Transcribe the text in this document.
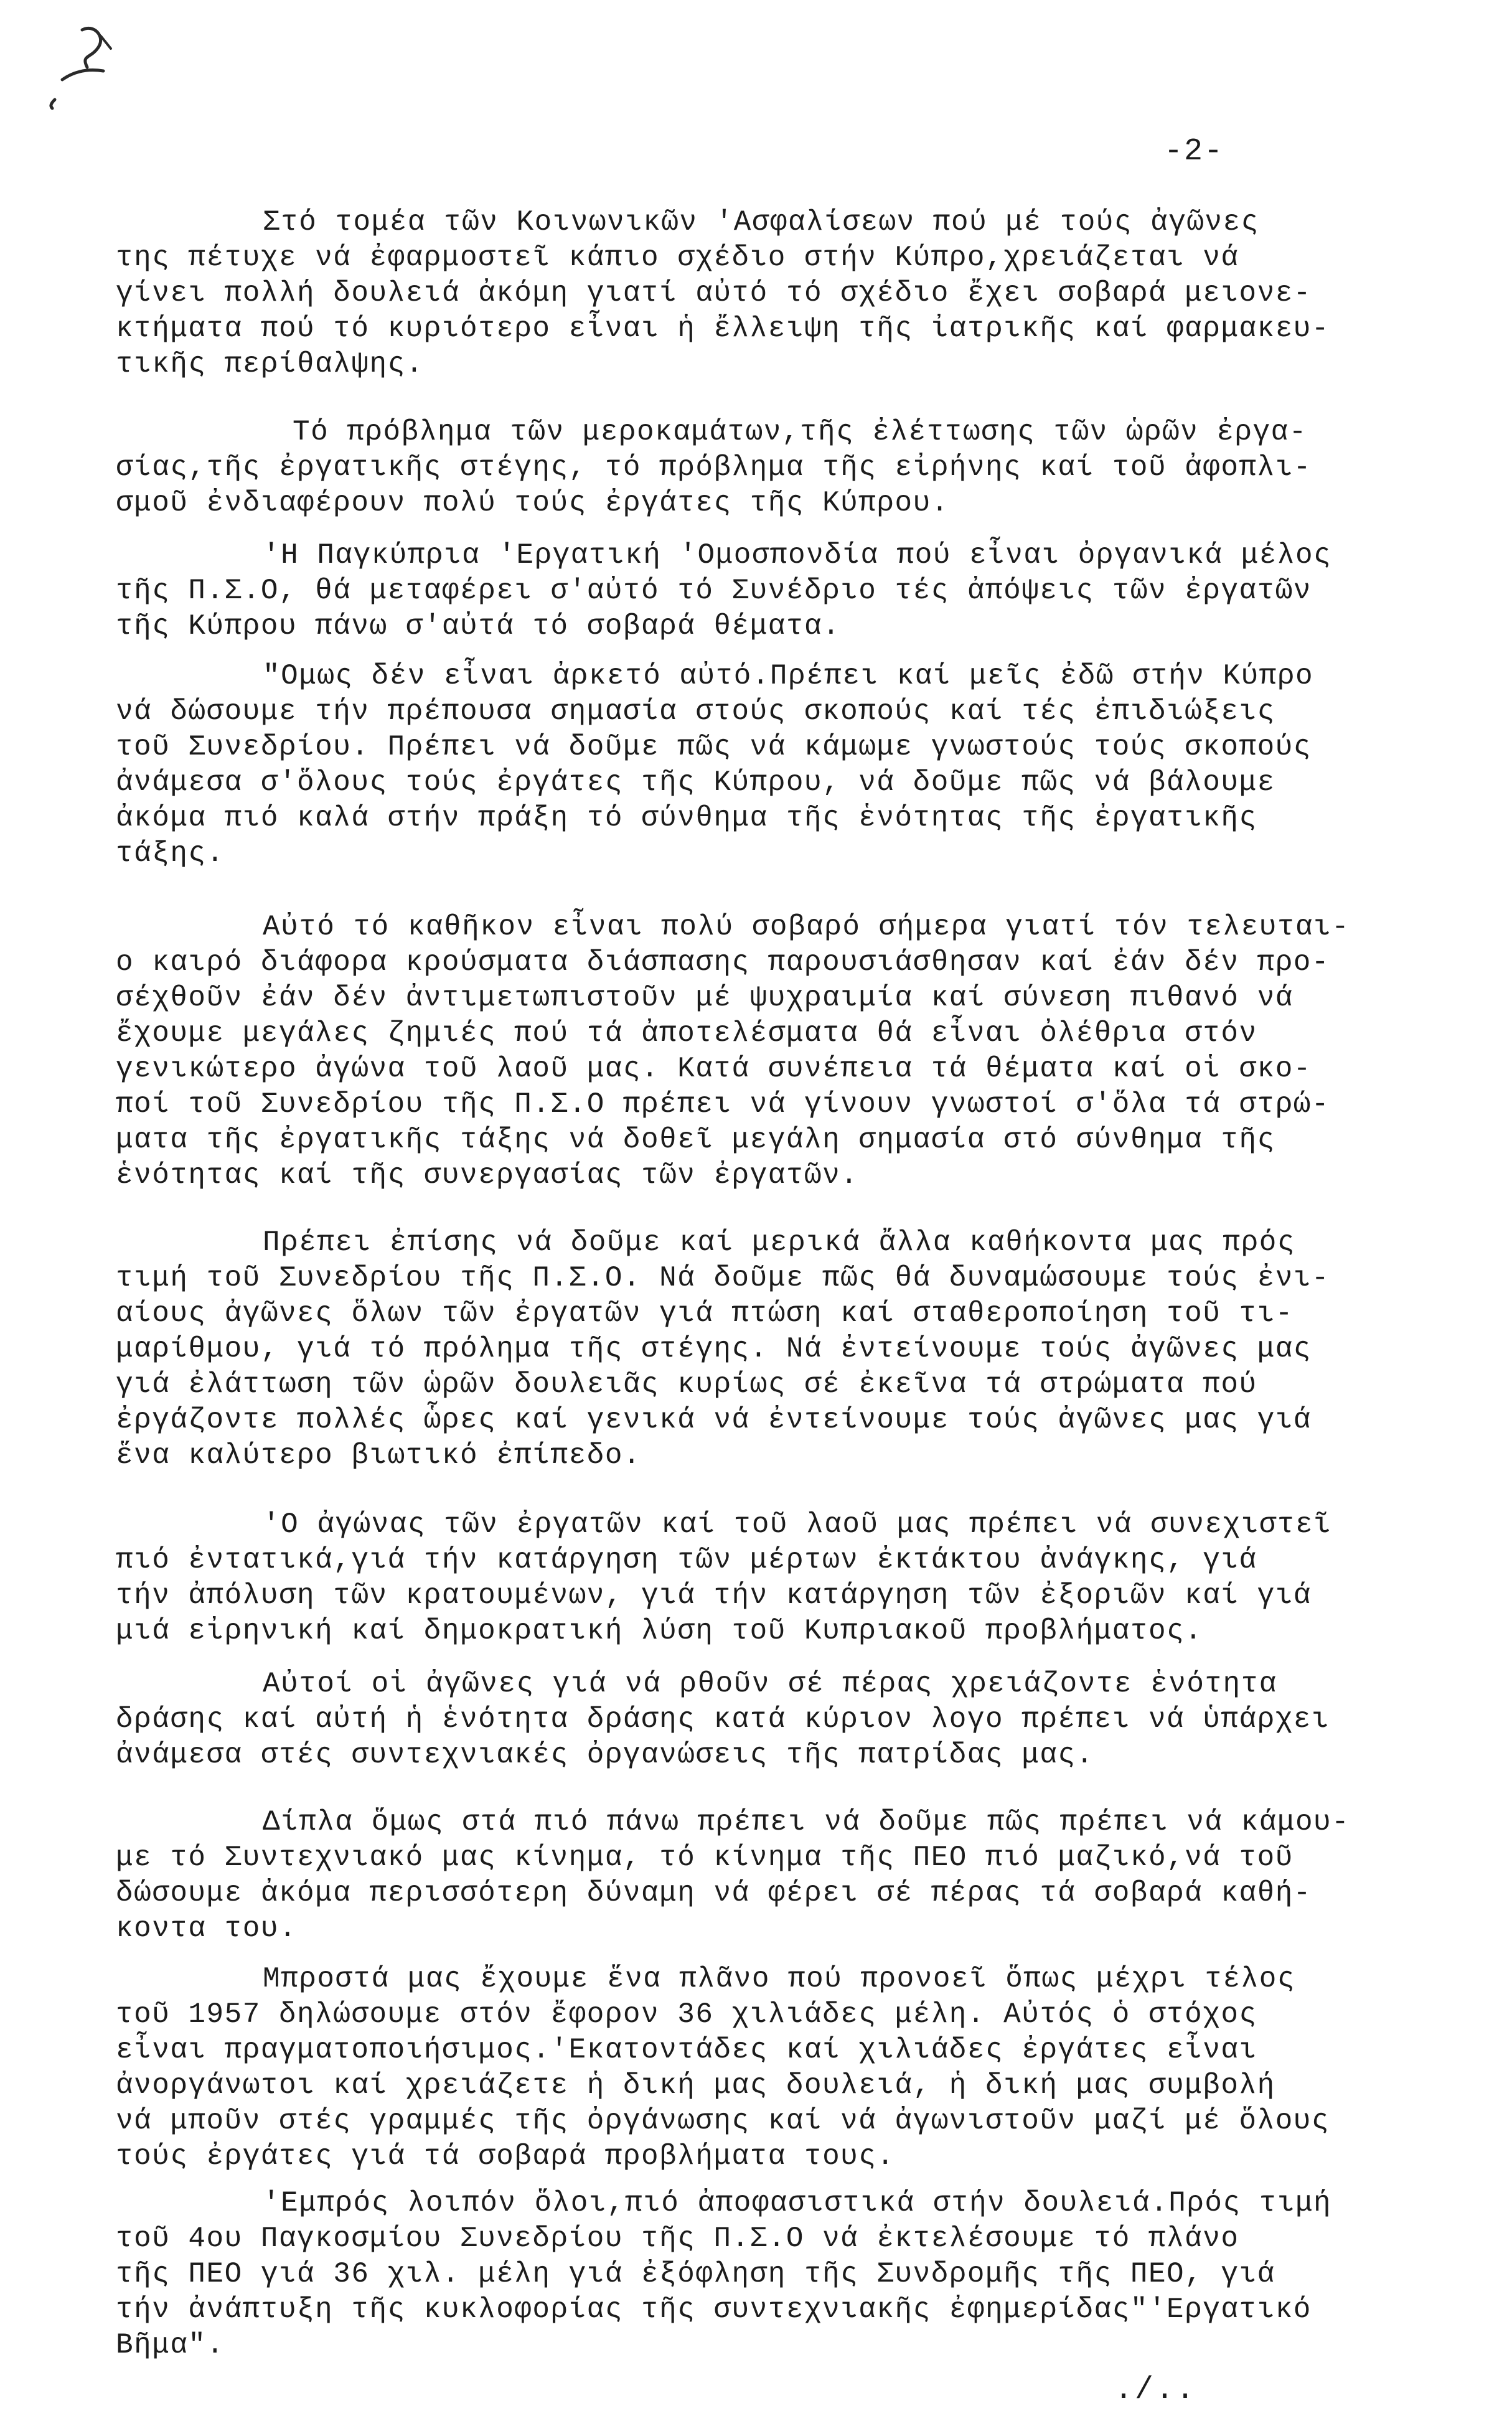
-2-
Στό τομέα τῶν Κοινωνικῶν 'Ασφαλίσεων πού μέ τούς ἀγῶνες
της πέτυχε νά ἐφαρμοστεῖ κάπιο σχέδιο στήν Κύπρο,χρειάζεται νά
γίνει πολλή δουλειά ἀκόμη γιατί αὐτό τό σχέδιο ἔχει σοβαρά μειονε-
κτήματα πού τό κυριότερο εἶναι ἡ ἔλλειψη τῆς ἰατρικῆς καί φαρμακευ-
τικῆς περίθαλψης.
Τό πρόβλημα τῶν μεροκαμάτων,τῆς ἐλέττωσης τῶν ὡρῶν ἐργα-
σίας,τῆς ἐργατικῆς στέγης, τό πρόβλημα τῆς εἰρήνης καί τοῦ ἀφοπλι-
σμοῦ ἐνδιαφέρουν πολύ τούς ἐργάτες τῆς Κύπρου.
'Η Παγκύπρια 'Εργατική 'Ομοσπονδία πού εἶναι ὀργανικά μέλος
τῆς Π.Σ.Ο, θά μεταφέρει σ'αὐτό τό Συνέδριο τές ἀπόψεις τῶν ἐργατῶν
τῆς Κύπρου πάνω σ'αὐτά τό σοβαρά θέματα.
"Ομως δέν εἶναι ἀρκετό αὐτό.Πρέπει καί μεῖς ἐδῶ στήν Κύπρο
νά δώσουμε τήν πρέπουσα σημασία στούς σκοπούς καί τές ἐπιδιώξεις
τοῦ Συνεδρίου. Πρέπει νά δοῦμε πῶς νά κάμωμε γνωστούς τούς σκοπούς
ἀνάμεσα σ'ὅλους τούς ἐργάτες τῆς Κύπρου, νά δοῦμε πῶς νά βάλουμε
ἀκόμα πιό καλά στήν πράξη τό σύνθημα τῆς ἑνότητας τῆς ἐργατικῆς
τάξης.
Αὐτό τό καθῆκον εἶναι πολύ σοβαρό σήμερα γιατί τόν τελευται-
ο καιρό διάφορα κρούσματα διάσπασης παρουσιάσθησαν καί ἐάν δέν προ-
σέχθοῦν ἐάν δέν ἀντιμετωπιστοῦν μέ ψυχραιμία καί σύνεση πιθανό νά
ἔχουμε μεγάλες ζημιές πού τά ἀποτελέσματα θά εἶναι ὀλέθρια στόν
γενικώτερο ἀγώνα τοῦ λαοῦ μας. Κατά συνέπεια τά θέματα καί οἱ σκο-
ποί τοῦ Συνεδρίου τῆς Π.Σ.Ο πρέπει νά γίνουν γνωστοί σ'ὅλα τά στρώ-
ματα τῆς ἐργατικῆς τάξης νά δοθεῖ μεγάλη σημασία στό σύνθημα τῆς
ἑνότητας καί τῆς συνεργασίας τῶν ἐργατῶν.
Πρέπει ἐπίσης νά δοῦμε καί μερικά ἄλλα καθήκοντα μας πρός
τιμή τοῦ Συνεδρίου τῆς Π.Σ.Ο. Νά δοῦμε πῶς θά δυναμώσουμε τούς ἐνι-
αίους ἀγῶνες ὅλων τῶν ἐργατῶν γιά πτώση καί σταθεροποίηση τοῦ τι-
μαρίθμου, γιά τό πρόλημα τῆς στέγης. Νά ἐντείνουμε τούς ἀγῶνες μας
γιά ἐλάττωση τῶν ὡρῶν δουλειᾶς κυρίως σέ ἐκεῖνα τά στρώματα πού
ἐργάζοντε πολλές ὧρες καί γενικά νά ἐντείνουμε τούς ἀγῶνες μας γιά
ἕνα καλύτερο βιωτικό ἐπίπεδο.
'Ο ἀγώνας τῶν ἐργατῶν καί τοῦ λαοῦ μας πρέπει νά συνεχιστεῖ
πιό ἐντατικά,γιά τήν κατάργηση τῶν μέρτων ἐκτάκτου ἀνάγκης, γιά
τήν ἀπόλυση τῶν κρατουμένων, γιά τήν κατάργηση τῶν ἐξοριῶν καί γιά
μιά εἰρηνική καί δημοκρατική λύση τοῦ Κυπριακοῦ προβλήματος.
Αὐτοί οἱ ἀγῶνες γιά νά ρθοῦν σέ πέρας χρειάζοντε ἑνότητα
δράσης καί αὐτή ἡ ἑνότητα δράσης κατά κύριον λογο πρέπει νά ὑπάρχει
ἀνάμεσα στές συντεχνιακές ὀργανώσεις τῆς πατρίδας μας.
Δίπλα ὅμως στά πιό πάνω πρέπει νά δοῦμε πῶς πρέπει νά κάμου-
με τό Συντεχνιακό μας κίνημα, τό κίνημα τῆς ΠΕΟ πιό μαζικό,νά τοῦ
δώσουμε ἀκόμα περισσότερη δύναμη νά φέρει σέ πέρας τά σοβαρά καθή-
κοντα του.
Μπροστά μας ἔχουμε ἕνα πλᾶνο πού προνοεῖ ὅπως μέχρι τέλος
τοῦ 1957 δηλώσουμε στόν ἔφορον 36 χιλιάδες μέλη. Αὐτός ὁ στόχος
εἶναι πραγματοποιήσιμος.'Εκατοντάδες καί χιλιάδες ἐργάτες εἶναι
ἀνοργάνωτοι καί χρειάζετε ἡ δική μας δουλειά, ἡ δική μας συμβολή
νά μποῦν στές γραμμές τῆς ὀργάνωσης καί νά ἀγωνιστοῦν μαζί μέ ὅλους
τούς ἐργάτες γιά τά σοβαρά προβλήματα τους.
'Εμπρός λοιπόν ὅλοι,πιό ἀποφασιστικά στήν δουλειά.Πρός τιμή
τοῦ 4ου Παγκοσμίου Συνεδρίου τῆς Π.Σ.Ο νά ἐκτελέσουμε τό πλάνο
τῆς ΠΕΟ γιά 36 χιλ. μέλη γιά ἐξόφληση τῆς Συνδρομῆς τῆς ΠΕΟ, γιά
τήν ἀνάπτυξη τῆς κυκλοφορίας τῆς συντεχνιακῆς ἐφημερίδας"'Εργατικό
Βῆμα".
./..
